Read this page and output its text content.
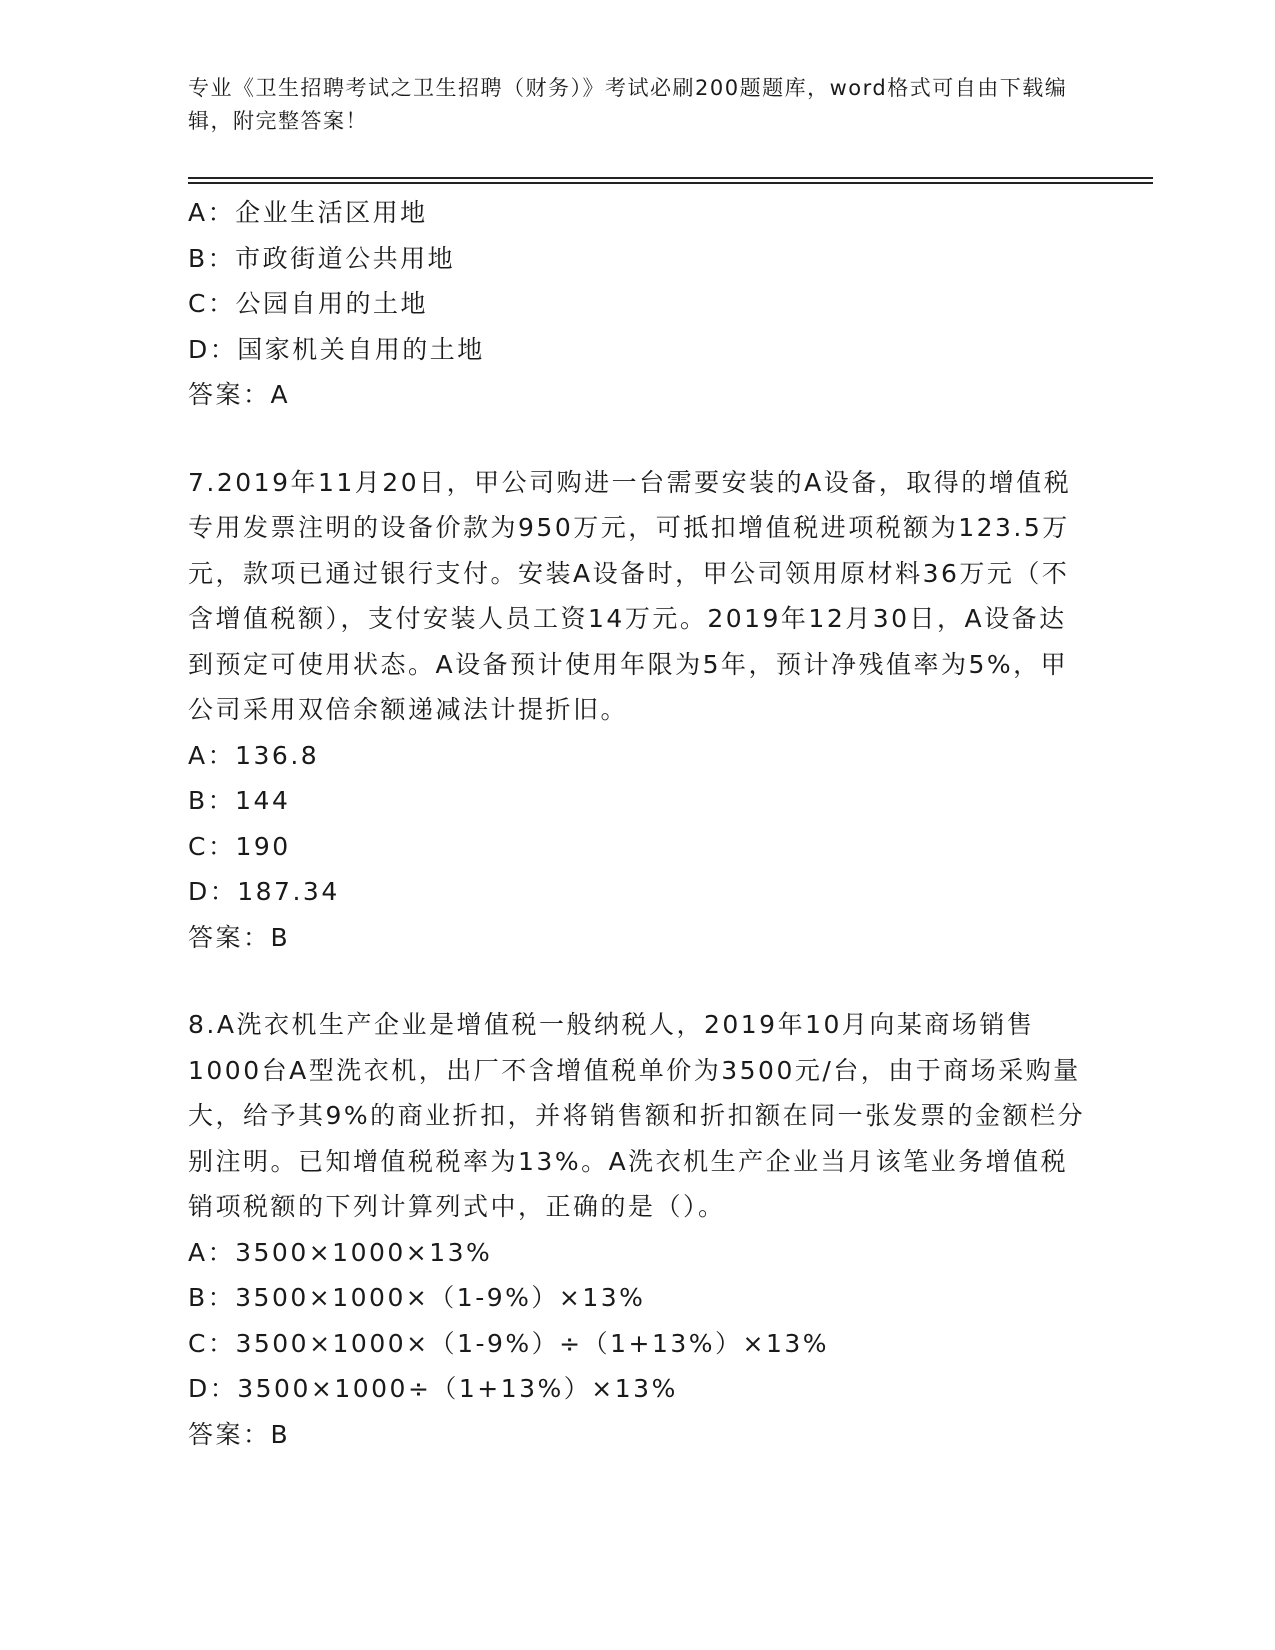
专业《卫生招聘考试之卫生招聘（财务）》考试必刷200题题库，word格式可自由下载编辑，附完整答案！
A：企业生活区用地
B：市政街道公共用地
C：公园自用的土地
D：国家机关自用的土地
答案：A
7.2019年11月20日，甲公司购进一台需要安装的A设备，取得的增值税专用发票注明的设备价款为950万元，可抵扣增值税进项税额为123.5万元，款项已通过银行支付。安装A设备时，甲公司领用原材料36万元（不含增值税额），支付安装人员工资14万元。2019年12月30日，A设备达到预定可使用状态。A设备预计使用年限为5年，预计净残值率为5%，甲公司采用双倍余额递减法计提折旧。
A：136.8
B：144
C：190
D：187.34
答案：B
8.A洗衣机生产企业是增值税一般纳税人，2019年10月向某商场销售1000台A型洗衣机，出厂不含增值税单价为3500元/台，由于商场采购量大，给予其9%的商业折扣，并将销售额和折扣额在同一张发票的金额栏分别注明。已知增值税税率为13%。A洗衣机生产企业当月该笔业务增值税销项税额的下列计算列式中，正确的是（）。
A：3500×1000×13%
B：3500×1000×（1-9%）×13%
C：3500×1000×（1-9%）÷（1+13%）×13%
D：3500×1000÷（1+13%）×13%
答案：B
